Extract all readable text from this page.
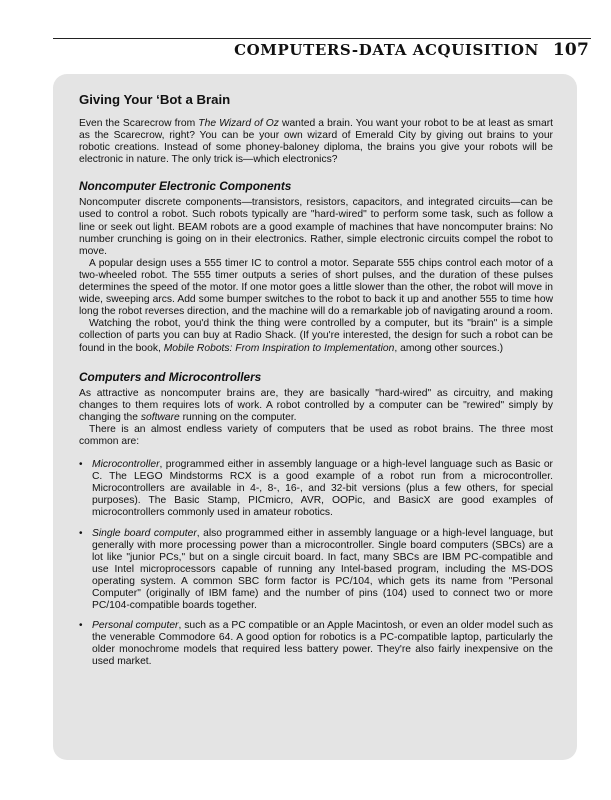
COMPUTERS-DATA ACQUISITION 107
Giving Your ‘Bot a Brain

Even the Scarecrow from The Wizard of Oz wanted a brain. You want your robot to be at least as smart as the Scarecrow, right? You can be your own wizard of Emerald City by giving out brains to your robotic creations. Instead of some phoney-baloney diploma, the brains you give your robots will be electronic in nature. The only trick is—which electronics?

Noncomputer Electronic Components

Noncomputer discrete components—transistors, resistors, capacitors, and integrated circuits—can be used to control a robot. Such robots typically are "hard-wired" to perform some task, such as follow a line or seek out light. BEAM robots are a good example of machines that have noncomputer brains: No number crunching is going on in their electronics. Rather, simple electronic circuits compel the robot to move.

A popular design uses a 555 timer IC to control a motor. Separate 555 chips control each motor of a two-wheeled robot. The 555 timer outputs a series of short pulses, and the duration of these pulses determines the speed of the motor. If one motor goes a little slower than the other, the robot will move in wide, sweeping arcs. Add some bumper switches to the robot to back it up and another 555 to time how long the robot reverses direction, and the machine will do a remarkable job of navigating around a room.

Watching the robot, you'd think the thing were controlled by a computer, but its "brain" is a simple collection of parts you can buy at Radio Shack. (If you're interested, the design for such a robot can be found in the book, Mobile Robots: From Inspiration to Implementation, among other sources.)

Computers and Microcontrollers

As attractive as noncomputer brains are, they are basically "hard-wired" as circuitry, and making changes to them requires lots of work. A robot controlled by a computer can be "rewired" simply by changing the software running on the computer.

There is an almost endless variety of computers that be used as robot brains. The three most common are:

• Microcontroller, programmed either in assembly language or a high-level language such as Basic or C. The LEGO Mindstorms RCX is a good example of a robot run from a microcontroller. Microcontrollers are available in 4-, 8-, 16-, and 32-bit versions (plus a few others, for special purposes). The Basic Stamp, PICmicro, AVR, OOPic, and BasicX are good examples of microcontrollers commonly used in amateur robotics.
• Single board computer, also programmed either in assembly language or a high-level language, but generally with more processing power than a microcontroller. Single board computers (SBCs) are a lot like "junior PCs," but on a single circuit board. In fact, many SBCs are IBM PC-compatible and use Intel microprocessors capable of running any Intel-based program, including the MS-DOS operating system. A common SBC form factor is PC/104, which gets its name from "Personal Computer" (originally of IBM fame) and the number of pins (104) used to connect two or more PC/104-compatible boards together.
• Personal computer, such as a PC compatible or an Apple Macintosh, or even an older model such as the venerable Commodore 64. A good option for robotics is a PC-compatible laptop, particularly the older monochrome models that required less battery power. They're also fairly inexpensive on the used market.
